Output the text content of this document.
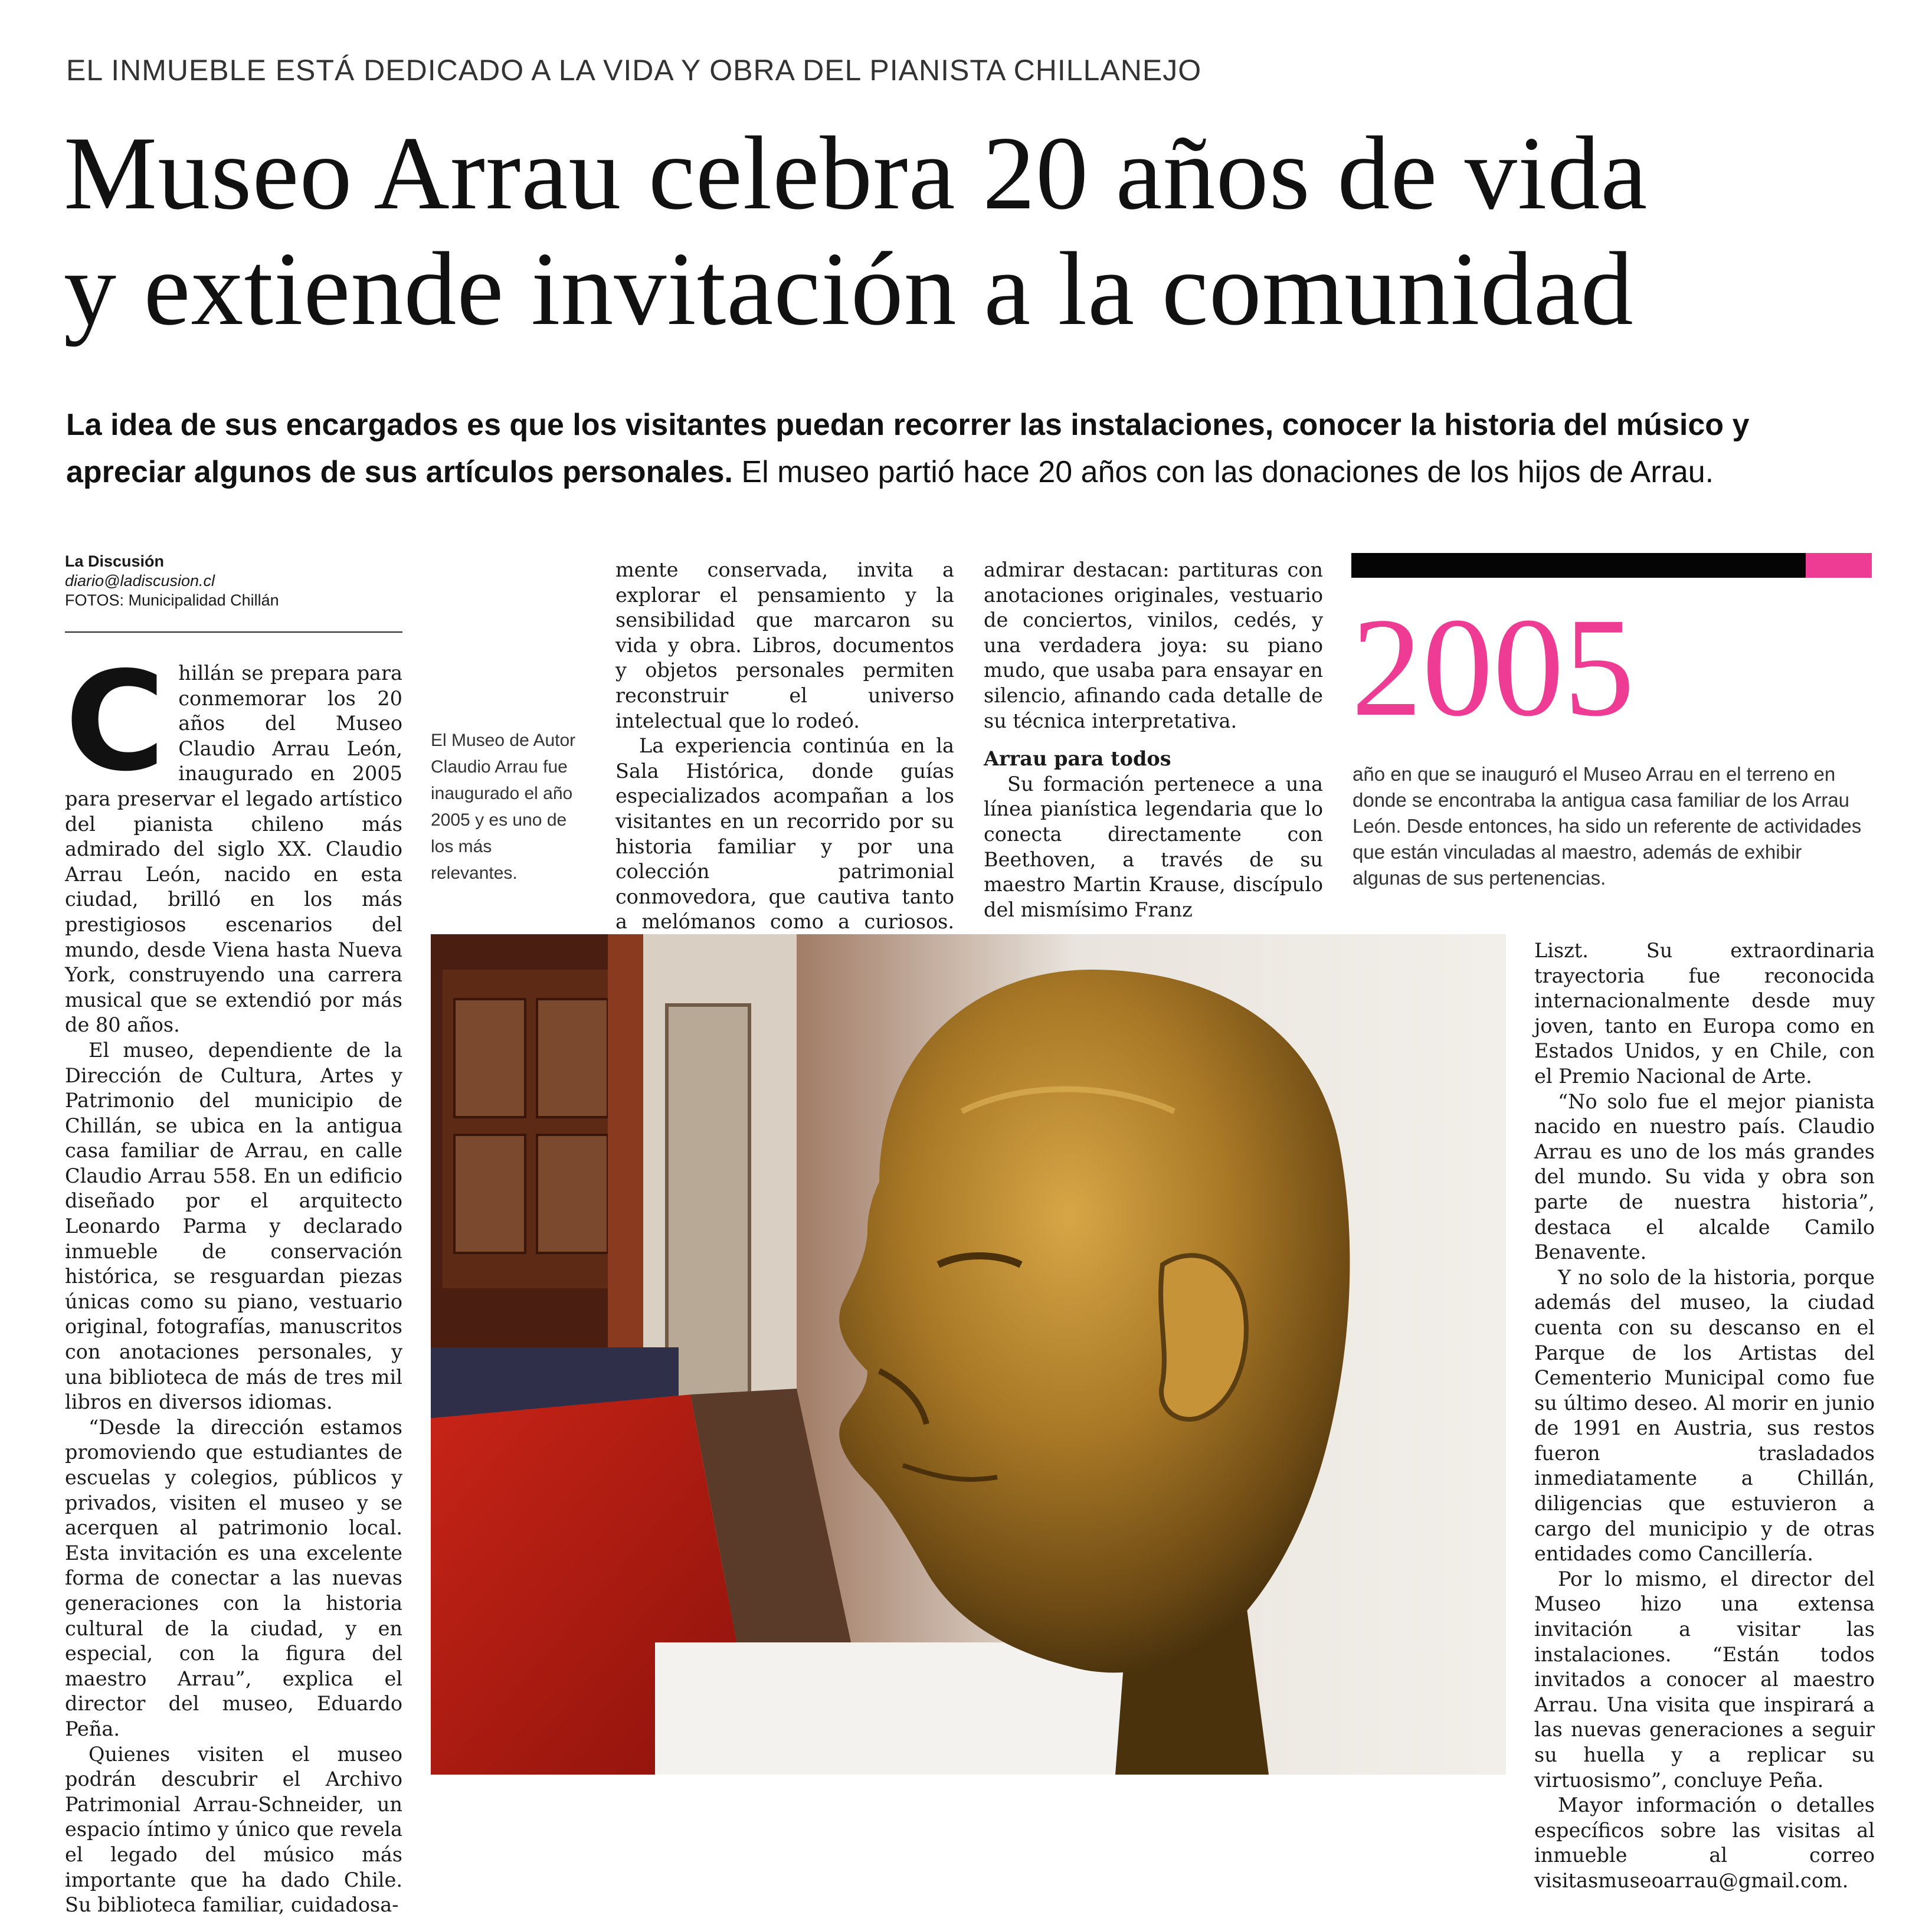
EL INMUEBLE ESTÁ DEDICADO A LA VIDA Y OBRA DEL PIANISTA CHILLANEJO
Museo Arrau celebra 20 años de vida
y extiende invitación a la comunidad
La idea de sus encargados es que los visitantes puedan recorrer las instalaciones, conocer la historia del músico y apreciar algunos de sus artículos personales. El museo partió hace 20 años con las donaciones de los hijos de Arrau.
La Discusión
diario@ladiscusion.cl
FOTOS: Municipalidad Chillán

Chillán se prepara para conmemorar los 20 años del Museo Claudio Arrau León, inaugurado en 2005 para preservar el legado artístico del pianista chileno más admirado del siglo XX. Claudio Arrau León, nacido en esta ciudad, brilló en los más prestigiosos escenarios del mundo, desde Viena hasta Nueva York, construyendo una carrera musical que se extendió por más de 80 años.

El museo, dependiente de la Dirección de Cultura, Artes y Patrimonio del municipio de Chillán, se ubica en la antigua casa familiar de Arrau, en calle Claudio Arrau 558. En un edificio diseñado por el arquitecto Leonardo Parma y declarado inmueble de conservación histórica, se resguardan piezas únicas como su piano, vestuario original, fotografías, manuscritos con anotaciones personales, y una biblioteca de más de tres mil libros en diversos idiomas.

“Desde la dirección estamos promoviendo que estudiantes de escuelas y colegios, públicos y privados, visiten el museo y se acerquen al patrimonio local. Esta invitación es una excelente forma de conectar a las nuevas generaciones con la historia cultural de la ciudad, y en especial, con la figura del maestro Arrau”, explica el director del museo, Eduardo Peña.

Quienes visiten el museo podrán descubrir el Archivo Patrimonial Arrau-Schneider, un espacio íntimo y único que revela el legado del músico más importante que ha dado Chile. Su biblioteca familiar, cuidadosa-

El Museo de Autor Claudio Arrau fue inaugurado el año 2005 y es uno de los más relevantes.

mente conservada, invita a explorar el pensamiento y la sensibilidad que marcaron su vida y obra. Libros, documentos y objetos personales permiten reconstruir el universo intelectual que lo rodeó.

La experiencia continúa en la Sala Histórica, donde guías especializados acompañan a los visitantes en un recorrido por su historia familiar y por una colección patrimonial conmovedora, que cautiva tanto a melómanos como a curiosos.

admirar destacan: partituras con anotaciones originales, vestuario de conciertos, vinilos, cedés, y una verdadera joya: su piano mudo, que usaba para ensayar en silencio, afinando cada detalle de su técnica interpretativa.

Arrau para todos

Su formación pertenece a una línea pianística legendaria que lo conecta directamente con Beethoven, a través de su maestro Martin Krause, discípulo del mismísimo Franz

2005
año en que se inauguró el Museo Arrau en el terreno en donde se encontraba la antigua casa familiar de los Arrau León. Desde entonces, ha sido un referente de actividades que están vinculadas al maestro, además de exhibir algunas de sus pertenencias.

Liszt. Su extraordinaria trayectoria fue reconocida internacionalmente desde muy joven, tanto en Europa como en Estados Unidos, y en Chile, con el Premio Nacional de Arte.

“No solo fue el mejor pianista nacido en nuestro país. Claudio Arrau es uno de los más grandes del mundo. Su vida y obra son parte de nuestra historia”, destaca el alcalde Camilo Benavente.

Y no solo de la historia, porque además del museo, la ciudad cuenta con su descanso en el Parque de los Artistas del Cementerio Municipal como fue su último deseo. Al morir en junio de 1991 en Austria, sus restos fueron trasladados inmediatamente a Chillán, diligencias que estuvieron a cargo del municipio y de otras entidades como Cancillería.

Por lo mismo, el director del Museo hizo una extensa invitación a visitar las instalaciones. “Están todos invitados a conocer al maestro Arrau. Una visita que inspirará a las nuevas generaciones a seguir su huella y a replicar su virtuosismo”, concluye Peña.

Mayor información o detalles específicos sobre las visitas al inmueble al correo visitasmuseoarrau@gmail.com.
